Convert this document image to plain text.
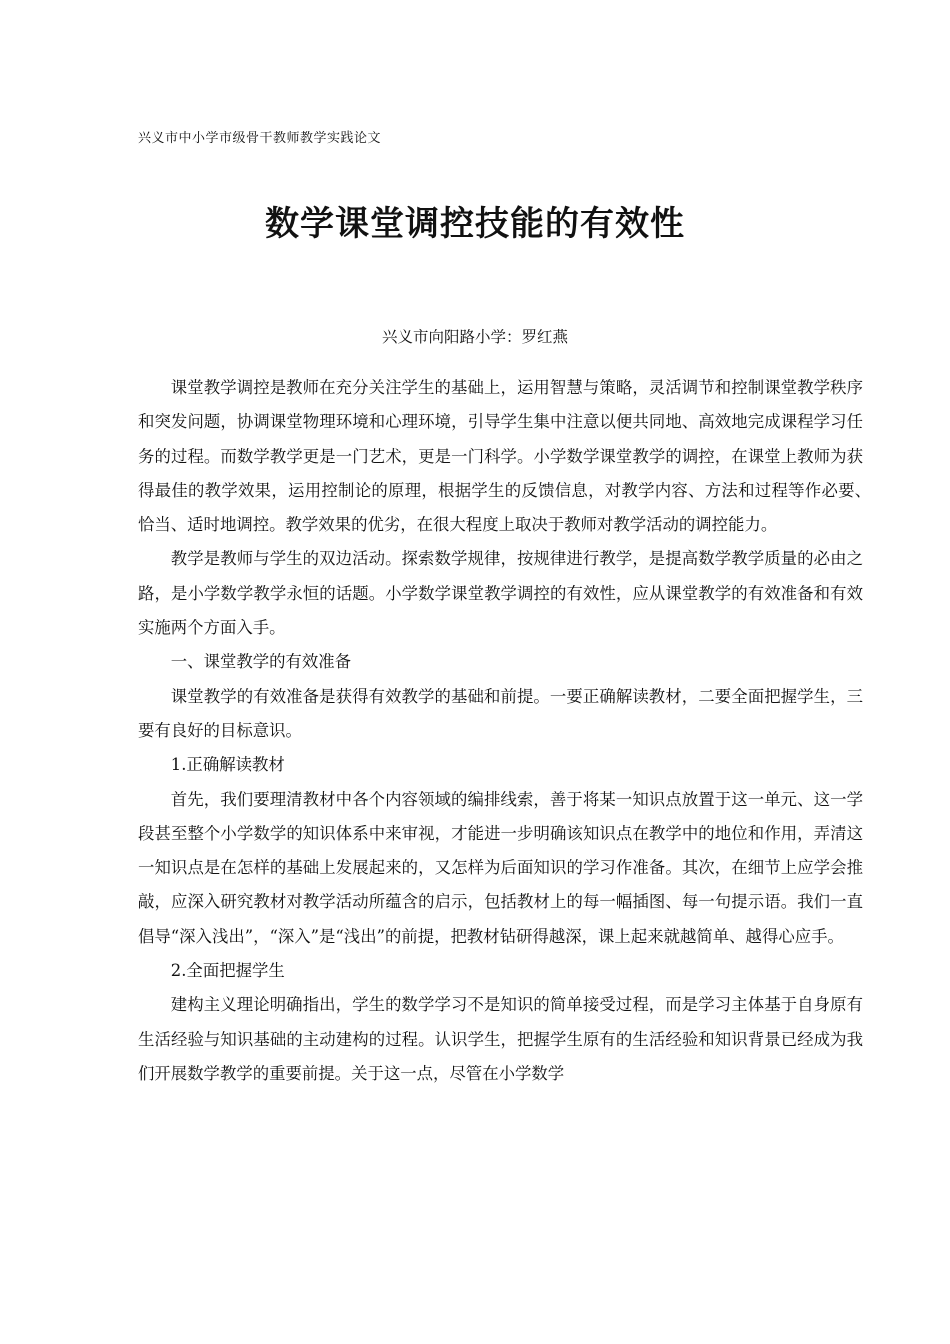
兴义市中小学市级骨干教师教学实践论文
数学课堂调控技能的有效性
兴义市向阳路小学：罗红燕

课堂教学调控是教师在充分关注学生的基础上，运用智慧与策略，灵活调节和控制课堂教学秩序和突发问题，协调课堂物理环境和心理环境，引导学生集中注意以便共同地、高效地完成课程学习任务的过程。而数学教学更是一门艺术，更是一门科学。小学数学课堂教学的调控，在课堂上教师为获得最佳的教学效果，运用控制论的原理，根据学生的反馈信息，对教学内容、方法和过程等作必要、　恰当、适时地调控。教学效果的优劣，在很大程度上取决于教师对教学活动的调控能力。

教学是教师与学生的双边活动。探索数学规律，按规律进行教学，是提高数学教学质量的必由之路，是小学数学教学永恒的话题。小学数学课堂教学调控的有效性，应从课堂教学的有效准备和有效实施两个方面入手。

一、课堂教学的有效准备

课堂教学的有效准备是获得有效教学的基础和前提。一要正确解读教材，二要全面把握学生，三要有良好的目标意识。

1.正确解读教材

首先，我们要理清教材中各个内容领域的编排线索，善于将某一知识点放置于这一单元、这一学段甚至整个小学数学的知识体系中来审视，才能进一步明确该知识点在教学中的地位和作用，弄清这一知识点是在怎样的基础上发展起来的，又怎样为后面知识的学习作准备。其次，在细节上应学会推敲，应深入研究教材对教学活动所蕴含的启示，包括教材上的每一幅插图、每一句提示语。我们一直倡导“深入浅出”，“深入”是“浅出”的前提，把教材钻研得越深，课上起来就越简单、越得心应手。

2.全面把握学生

建构主义理论明确指出，学生的数学学习不是知识的简单接受过程，而是学习主体基于自身原有生活经验与知识基础的主动建构的过程。认识学生，把握学生原有的生活经验和知识背景已经成为我们开展数学教学的重要前提。关于这一点，尽管在小学数学
